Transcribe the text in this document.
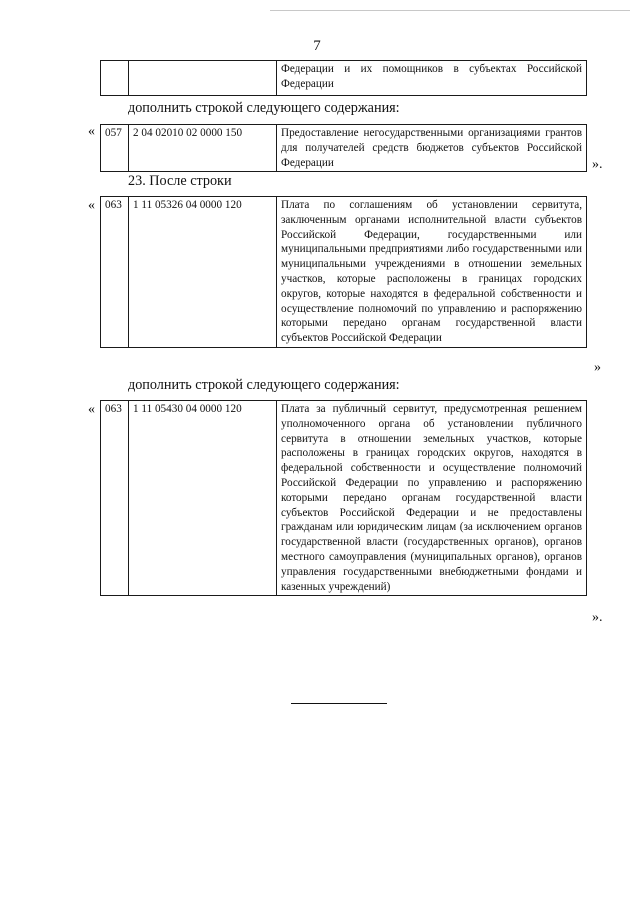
7
		Федерации и их помощников в субъектах Российской Федерации
дополнить строкой следующего содержания:
« 057	2 04 02010 02 0000 150	Предоставление негосударственными организациями грантов для получателей средств бюджетов субъектов Российской Федерации	».
23. После строки
« 063	1 11 05326 04 0000 120	Плата по соглашениям об установлении сервитута, заключенным органами исполнительной власти субъектов Российской Федерации, государственными или муниципальными предприятиями либо государственными или муниципальными учреждениями в отношении земельных участков, которые расположены в границах городских округов, которые находятся в федеральной собственности и осуществление полномочий по управлению и распоряжению которыми передано органам государственной власти субъектов Российской Федерации
»
дополнить строкой следующего содержания:
« 063	1 11 05430 04 0000 120	Плата за публичный сервитут, предусмотренная решением уполномоченного органа об установлении публичного сервитута в отношении земельных участков, которые расположены в границах городских округов, находятся в федеральной собственности и осуществление полномочий Российской Федерации по управлению и распоряжению которыми передано органам государственной власти субъектов Российской Федерации и не предоставлены гражданам или юридическим лицам (за исключением органов государственной власти (государственных органов), органов местного самоуправления (муниципальных органов), органов управления государственными внебюджетными фондами и казенных учреждений)
».
